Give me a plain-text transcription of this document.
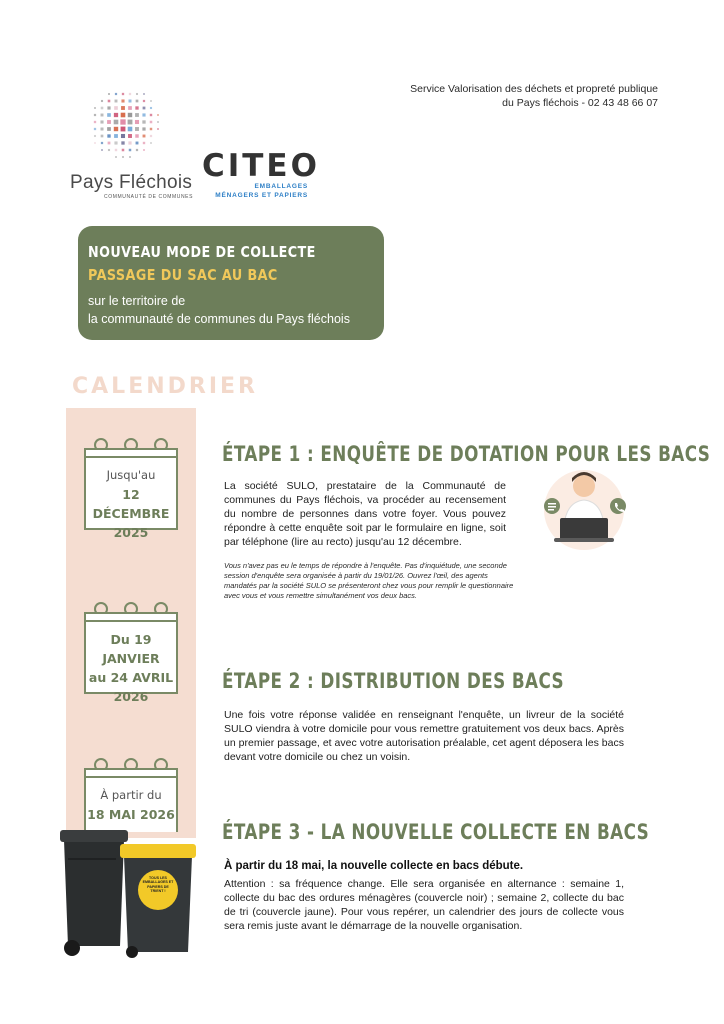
Service Valorisation des déchets et propreté publique
du Pays fléchois - 02 43 48 66 07
Pays Fléchois
COMMUNAUTÉ DE COMMUNES
CITEO
EMBALLAGES
MÉNAGERS ET PAPIERS
NOUVEAU MODE DE COLLECTE
PASSAGE DU SAC AU BAC
sur le territoire de
la communauté de communes du Pays fléchois
CALENDRIER
Jusqu'au
12 DÉCEMBRE
2025
Du 19 JANVIER
au 24 AVRIL
2026
À partir du
18 MAI 2026
ÉTAPE 1 : ENQUÊTE DE DOTATION POUR LES BACS
La société SULO, prestataire de la Communauté de communes du Pays fléchois, va procéder au recensement du nombre de personnes dans votre foyer. Vous pouvez répondre à cette enquête soit par le formulaire en ligne, soit par téléphone (lire au recto) jusqu'au 12 décembre.
Vous n'avez pas eu le temps de répondre à l'enquête. Pas d'inquiétude, une seconde session d'enquête sera organisée à partir du 19/01/26. Ouvrez l'œil, des agents mandatés par la société SULO se présenteront chez vous pour remplir le questionnaire avec vous et vous remettre simultanément vos deux bacs.
ÉTAPE 2 : DISTRIBUTION DES BACS
Une fois votre réponse validée en renseignant l'enquête, un livreur de la société SULO viendra à votre domicile pour vous remettre gratuitement vos deux bacs. Après un premier passage, et avec votre autorisation préalable, cet agent déposera les bacs devant votre domicile ou chez un voisin.
ÉTAPE 3 - LA NOUVELLE COLLECTE EN BACS
À partir du 18 mai, la nouvelle collecte en bacs débute.
Attention : sa fréquence change. Elle sera organisée en alternance : semaine 1, collecte du bac des ordures ménagères (couvercle noir) ; semaine 2, collecte du bac de tri (couvercle jaune). Pour vous repérer, un calendrier des jours de collecte vous sera remis juste avant le démarrage de la nouvelle organisation.
TOUS LES EMBALLAGES ET PAPIERS DE TRIENT !
